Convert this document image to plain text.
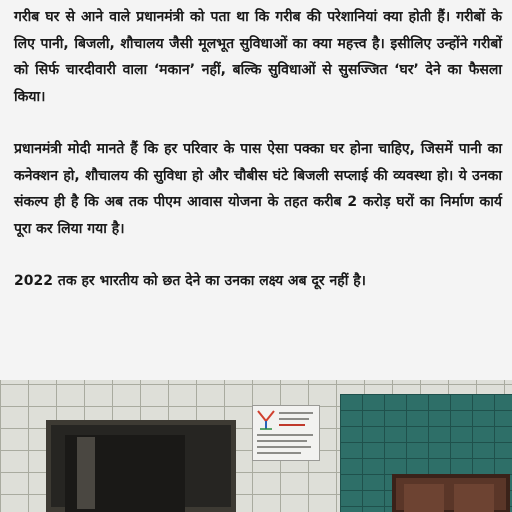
गरीब घर से आने वाले प्रधानमंत्री को पता था कि गरीब की परेशानियां क्या होती हैं। गरीबों के लिए पानी, बिजली, शौचालय जैसी मूलभूत सुविधाओं का क्या महत्त्व है। इसीलिए उन्होंने गरीबों को सिर्फ चारदीवारी वाला ‘मकान’ नहीं, बल्कि सुविधाओं से सुसज्जित ‘घर’ देने का फैसला किया।

प्रधानमंत्री मोदी मानते हैं कि हर परिवार के पास ऐसा पक्का घर होना चाहिए, जिसमें पानी का कनेक्शन हो, शौचालय की सुविधा हो और चौबीस घंटे बिजली सप्लाई की व्यवस्था हो। ये उनका संकल्प ही है कि अब तक पीएम आवास योजना के तहत करीब 2 करोड़ घरों का निर्माण कार्य पूरा कर लिया गया है।

2022 तक हर भारतीय को छत देने का उनका लक्ष्य अब दूर नहीं है।
